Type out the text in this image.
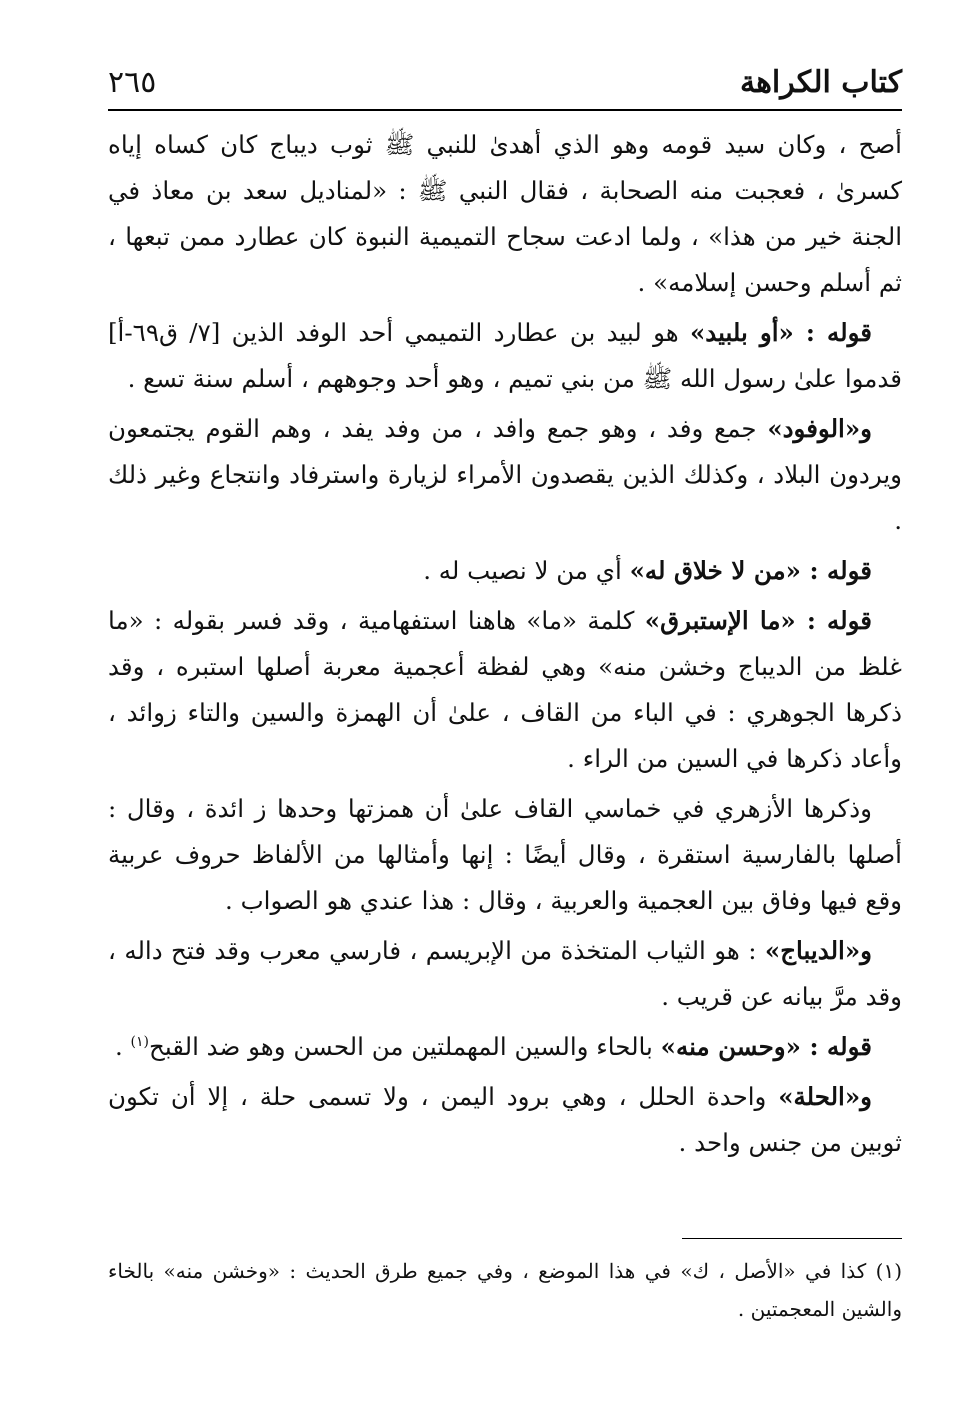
كتاب الكراهة
٢٦٥

أصح ، وكان سيد قومه وهو الذي أهدىٰ للنبي ﷺ ثوب ديباج كان كساه إياه كسرىٰ ، فعجبت منه الصحابة ، فقال النبي ﷺ : «لمناديل سعد بن معاذ في الجنة خير من هذا» ، ولما ادعت سجاح التميمية النبوة كان عطارد ممن تبعها ، ثم أسلم وحسن إسلامه» .

قوله : «أو بلبيد» هو لبيد بن عطارد التميمي أحد الوفد الذين [٧/ ق٦٩-أ] قدموا علىٰ رسول الله ﷺ من بني تميم ، وهو أحد وجوههم ، أسلم سنة تسع .

و«الوفود» جمع وفد ، وهو جمع وافد ، من وفد يفد ، وهم القوم يجتمعون ويردون البلاد ، وكذلك الذين يقصدون الأمراء لزيارة واسترفاد وانتجاع وغير ذلك .

قوله : «من لا خلاق له» أي من لا نصيب له .

قوله : «ما الإستبرق» كلمة «ما» هاهنا استفهامية ، وقد فسر بقوله : «ما غلظ من الديباج وخشن منه» وهي لفظة أعجمية معربة أصلها استبره ، وقد ذكرها الجوهري : في الباء من القاف ، علىٰ أن الهمزة والسين والتاء زوائد ، وأعاد ذكرها في السين من الراء .

وذكرها الأزهري في خماسي القاف علىٰ أن همزتها وحدها ز ائدة ، وقال : أصلها بالفارسية استقرة ، وقال أيضًا : إنها وأمثالها من الألفاظ حروف عربية وقع فيها وفاق بين العجمية والعربية ، وقال : هذا عندي هو الصواب .

و«الديباج» : هو الثياب المتخذة من الإبريسم ، فارسي معرب وقد فتح داله ، وقد مرَّ بيانه عن قريب .

قوله : «وحسن منه» بالحاء والسين المهملتين من الحسن وهو ضد القبح$^{(١)}$ .

و«الحلة» واحدة الحلل ، وهي برود اليمن ، ولا تسمى حلة ، إلا أن تكون ثوبين من جنس واحد .

(١) كذا في «الأصل ، ك» في هذا الموضع ، وفي جميع طرق الحديث : «وخشن منه» بالخاء والشين المعجمتين .
